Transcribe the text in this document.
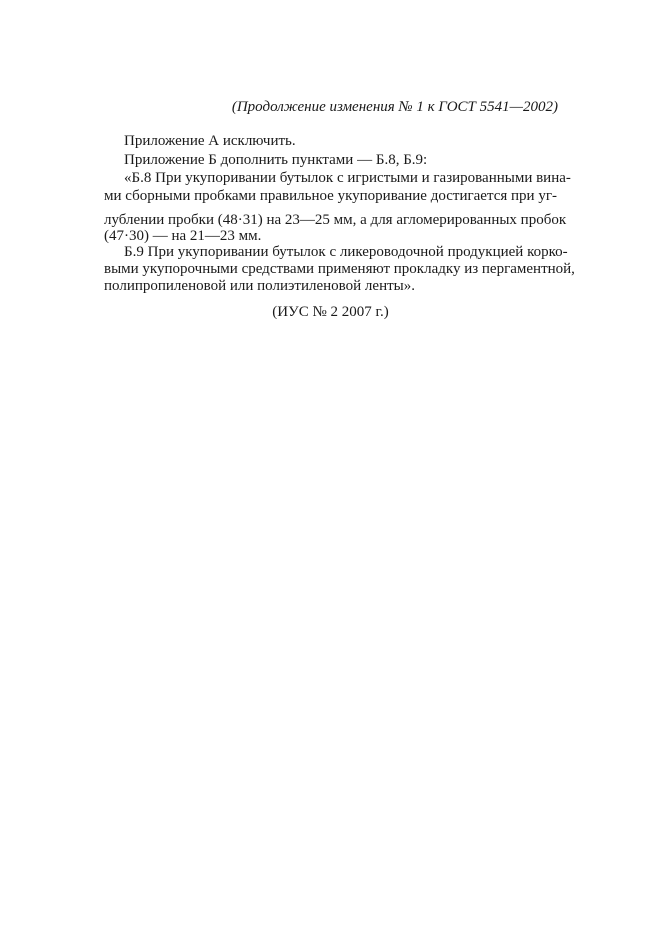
(Продолжение изменения № 1 к ГОСТ 5541—2002)
Приложение А исключить.
Приложение Б дополнить пунктами — Б.8, Б.9:
«Б.8 При укупоривании бутылок с игристыми и газированными вина-
ми сборными пробками правильное укупоривание достигается при уг-
лублении пробки (48·31) на 23—25 мм, а для агломерированных пробок
(47·30) — на 21—23 мм.
Б.9 При укупоривании бутылок с ликероводочной продукцией корко-
выми укупорочными средствами применяют прокладку из пергаментной,
полипропиленовой или полиэтиленовой ленты».
(ИУС № 2 2007 г.)
